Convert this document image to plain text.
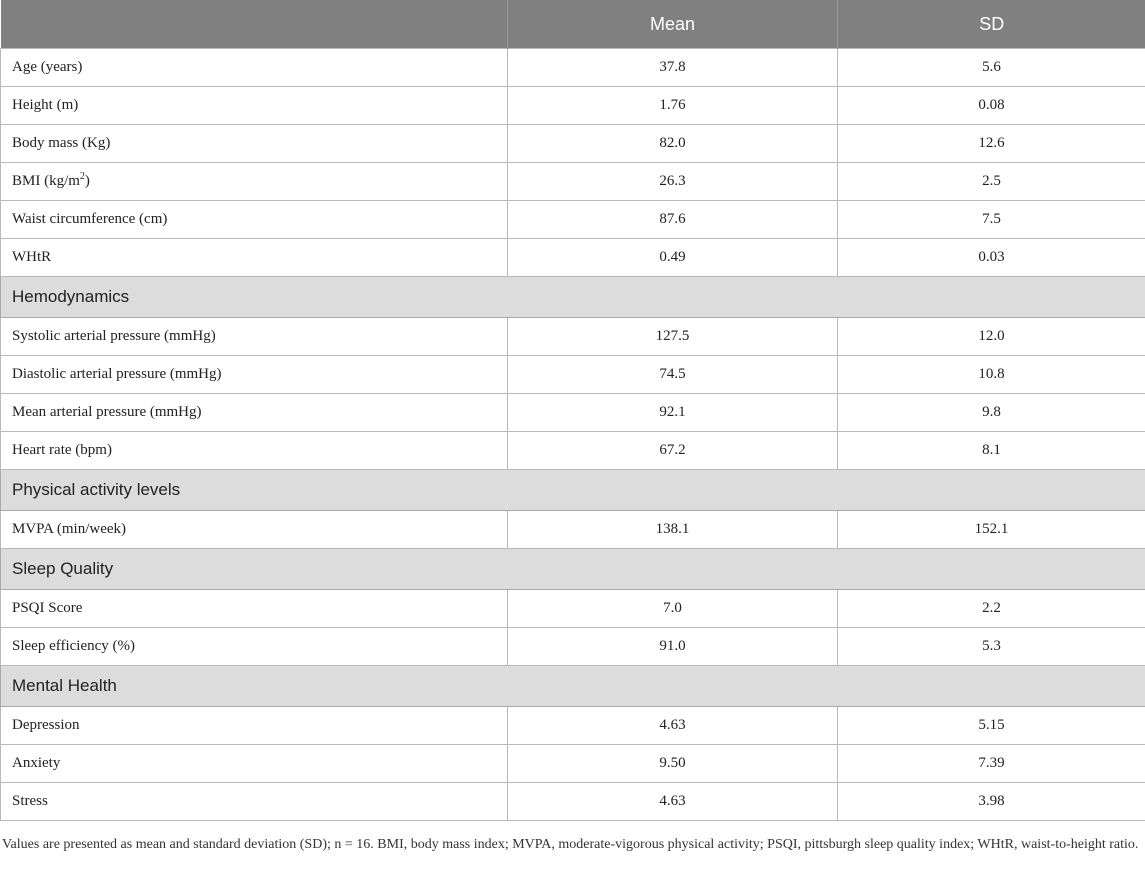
	Mean	SD
Age (years)	37.8	5.6
Height (m)	1.76	0.08
Body mass (Kg)	82.0	12.6
BMI $(kg/m^2)$	26.3	2.5
Waist circumference (cm)	87.6	7.5
WHtR	0.49	0.03
Hemodynamics		
Systolic arterial pressure (mmHg)	127.5	12.0
Diastolic arterial pressure (mmHg)	74.5	10.8
Mean arterial pressure (mmHg)	92.1	9.8
Heart rate (bpm)	67.2	8.1
Physical activity levels		
MVPA (min/week)	138.1	152.1
Sleep Quality		
PSQI Score	7.0	2.2
Sleep efficiency (%)	91.0	5.3
Mental Health		
Depression	4.63	5.15
Anxiety	9.50	7.39
Stress	4.63	3.98
Values are presented as mean and standard deviation (SD); n = 16. BMI, body mass index; MVPA, moderate-vigorous physical activity; PSQI, pittsburgh sleep quality index; WHtR, waist-to-height ratio.
